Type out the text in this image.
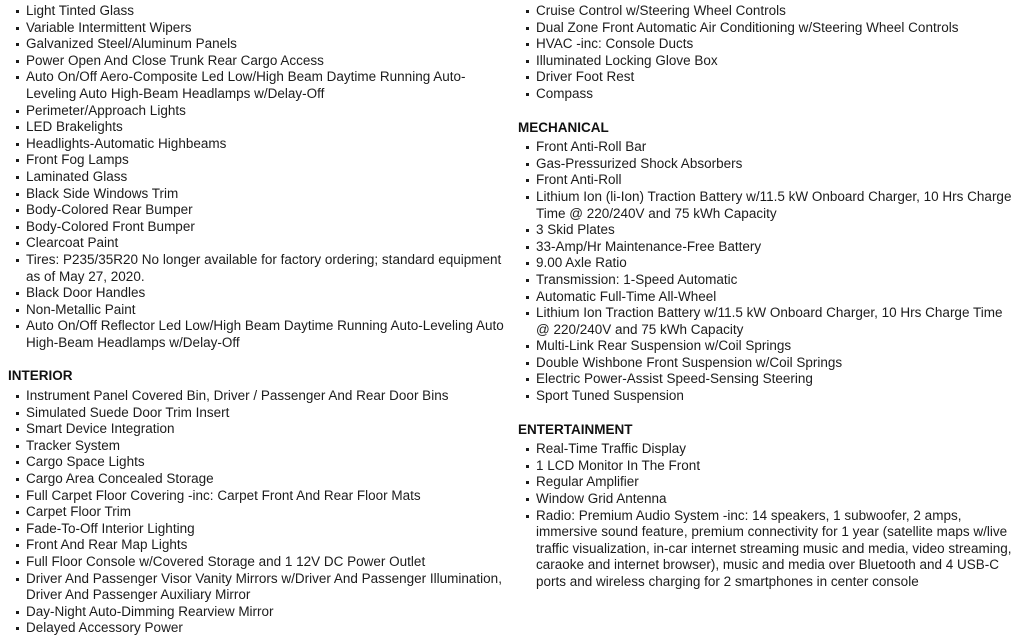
Light Tinted Glass
Variable Intermittent Wipers
Galvanized Steel/Aluminum Panels
Power Open And Close Trunk Rear Cargo Access
Auto On/Off Aero-Composite Led Low/High Beam Daytime Running Auto-Leveling Auto High-Beam Headlamps w/Delay-Off
Perimeter/Approach Lights
LED Brakelights
Headlights-Automatic Highbeams
Front Fog Lamps
Laminated Glass
Black Side Windows Trim
Body-Colored Rear Bumper
Body-Colored Front Bumper
Clearcoat Paint
Tires: P235/35R20 No longer available for factory ordering; standard equipment as of May 27, 2020.
Black Door Handles
Non-Metallic Paint
Auto On/Off Reflector Led Low/High Beam Daytime Running Auto-Leveling Auto High-Beam Headlamps w/Delay-Off
INTERIOR
Instrument Panel Covered Bin, Driver / Passenger And Rear Door Bins
Simulated Suede Door Trim Insert
Smart Device Integration
Tracker System
Cargo Space Lights
Cargo Area Concealed Storage
Full Carpet Floor Covering -inc: Carpet Front And Rear Floor Mats
Carpet Floor Trim
Fade-To-Off Interior Lighting
Front And Rear Map Lights
Full Floor Console w/Covered Storage and 1 12V DC Power Outlet
Driver And Passenger Visor Vanity Mirrors w/Driver And Passenger Illumination, Driver And Passenger Auxiliary Mirror
Day-Night Auto-Dimming Rearview Mirror
Delayed Accessory Power
Cruise Control w/Steering Wheel Controls
Dual Zone Front Automatic Air Conditioning w/Steering Wheel Controls
HVAC -inc: Console Ducts
Illuminated Locking Glove Box
Driver Foot Rest
Compass
MECHANICAL
Front Anti-Roll Bar
Gas-Pressurized Shock Absorbers
Front Anti-Roll
Lithium Ion (li-Ion) Traction Battery w/11.5 kW Onboard Charger, 10 Hrs Charge Time @ 220/240V and 75 kWh Capacity
3 Skid Plates
33-Amp/Hr Maintenance-Free Battery
9.00 Axle Ratio
Transmission: 1-Speed Automatic
Automatic Full-Time All-Wheel
Lithium Ion Traction Battery w/11.5 kW Onboard Charger, 10 Hrs Charge Time @ 220/240V and 75 kWh Capacity
Multi-Link Rear Suspension w/Coil Springs
Double Wishbone Front Suspension w/Coil Springs
Electric Power-Assist Speed-Sensing Steering
Sport Tuned Suspension
ENTERTAINMENT
Real-Time Traffic Display
1 LCD Monitor In The Front
Regular Amplifier
Window Grid Antenna
Radio: Premium Audio System -inc: 14 speakers, 1 subwoofer, 2 amps, immersive sound feature, premium connectivity for 1 year (satellite maps w/live traffic visualization, in-car internet streaming music and media, video streaming, caraoke and internet browser), music and media over Bluetooth and 4 USB-C ports and wireless charging for 2 smartphones in center console
